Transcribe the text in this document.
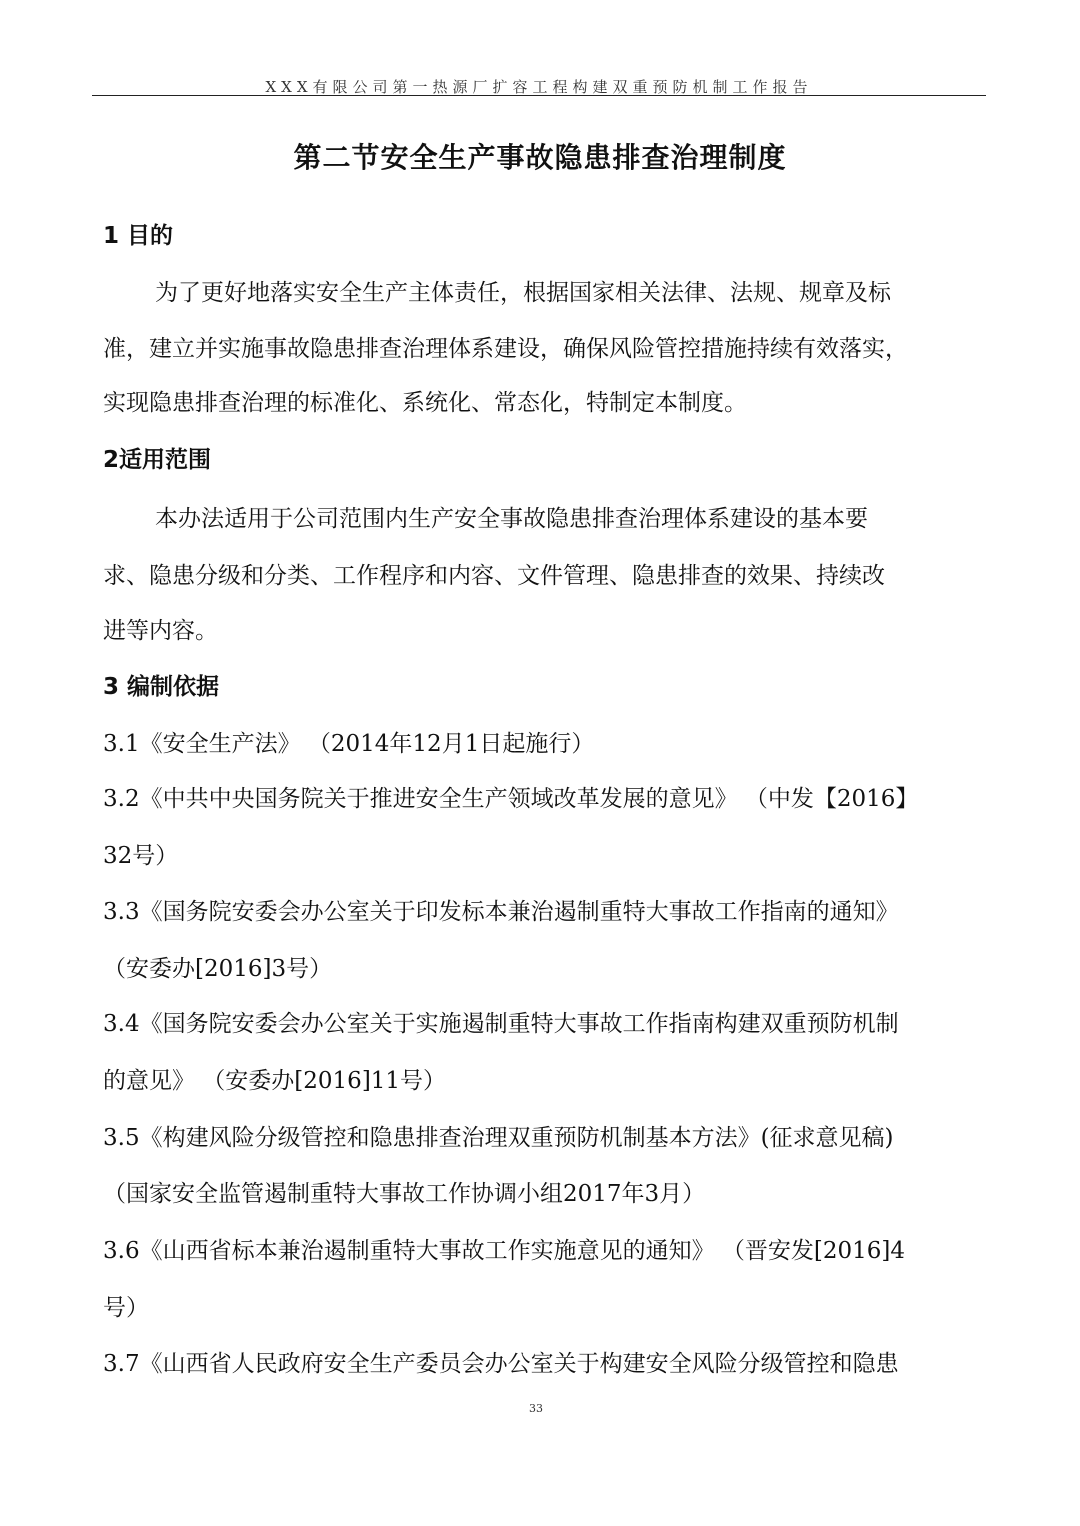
XXX有限公司第一热源厂扩容工程构建双重预防机制工作报告
第二节安全生产事故隐患排查治理制度
1 目的
为了更好地落实安全生产主体责任，根据国家相关法律、法规、规章及标
准，建立并实施事故隐患排查治理体系建设，确保风险管控措施持续有效落实，
实现隐患排查治理的标准化、系统化、常态化，特制定本制度。
2适用范围
本办法适用于公司范围内生产安全事故隐患排查治理体系建设的基本要
求、隐患分级和分类、工作程序和内容、文件管理、隐患排查的效果、持续改
进等内容。
3 编制依据
3.1《安全生产法》 （2014年12月1日起施行）
3.2《中共中央国务院关于推进安全生产领域改革发展的意见》 （中发【2016】
32号）
3.3《国务院安委会办公室关于印发标本兼治遏制重特大事故工作指南的通知》
（安委办[2016]3号）
3.4《国务院安委会办公室关于实施遏制重特大事故工作指南构建双重预防机制
的意见》 （安委办[2016]11号）
3.5《构建风险分级管控和隐患排查治理双重预防机制基本方法》(征求意见稿)
（国家安全监管遏制重特大事故工作协调小组2017年3月）
3.6《山西省标本兼治遏制重特大事故工作实施意见的通知》 （晋安发[2016]4
号）
3.7《山西省人民政府安全生产委员会办公室关于构建安全风险分级管控和隐患
33
